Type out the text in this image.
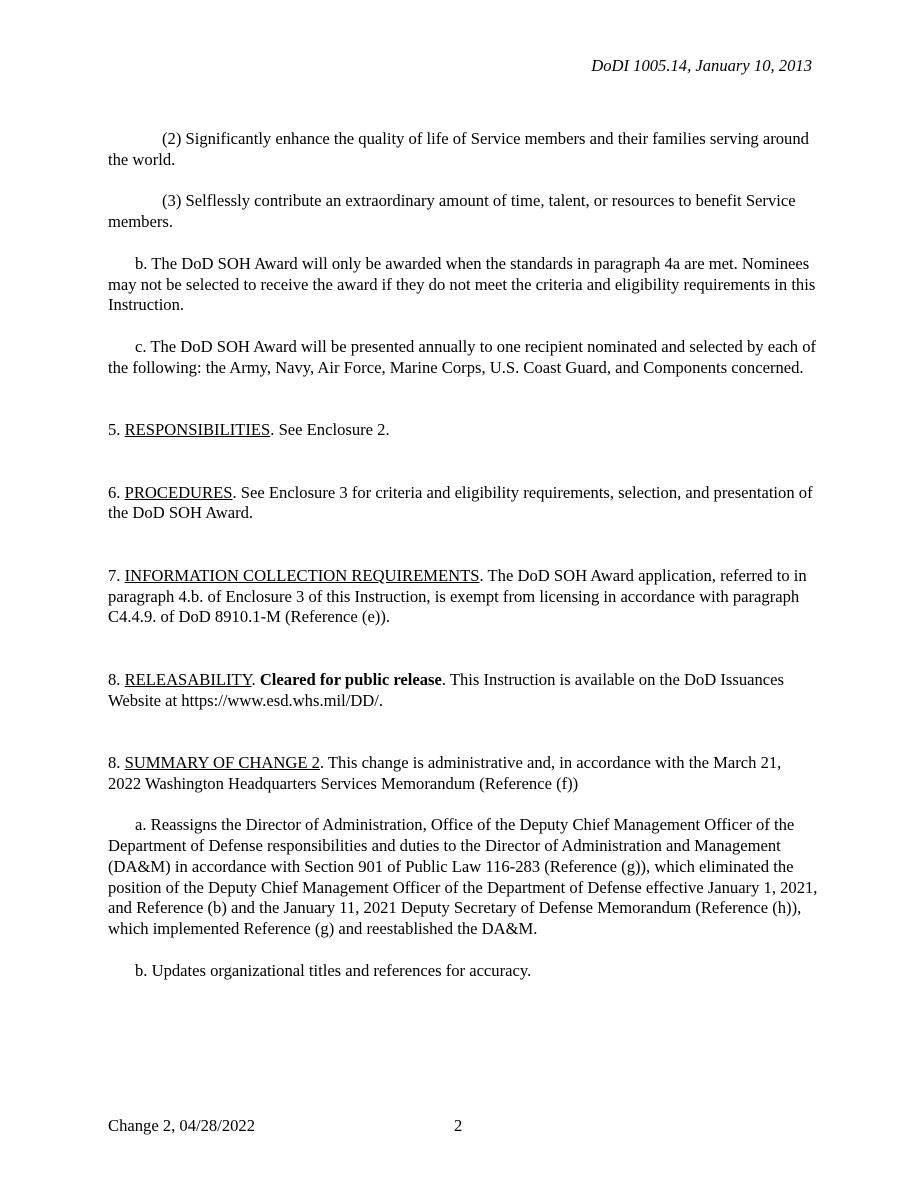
DoDI 1005.14, January 10, 2013

(2) Significantly enhance the quality of life of Service members and their families serving around the world.

(3) Selflessly contribute an extraordinary amount of time, talent, or resources to benefit Service members.

b. The DoD SOH Award will only be awarded when the standards in paragraph 4a are met. Nominees may not be selected to receive the award if they do not meet the criteria and eligibility requirements in this Instruction.

c. The DoD SOH Award will be presented annually to one recipient nominated and selected by each of the following: the Army, Navy, Air Force, Marine Corps, U.S. Coast Guard, and Components concerned.

5. RESPONSIBILITIES. See Enclosure 2.

6. PROCEDURES. See Enclosure 3 for criteria and eligibility requirements, selection, and presentation of the DoD SOH Award.

7. INFORMATION COLLECTION REQUIREMENTS. The DoD SOH Award application, referred to in paragraph 4.b. of Enclosure 3 of this Instruction, is exempt from licensing in accordance with paragraph C4.4.9. of DoD 8910.1-M (Reference (e)).

8. RELEASABILITY. Cleared for public release. This Instruction is available on the DoD Issuances Website at https://www.esd.whs.mil/DD/.

8. SUMMARY OF CHANGE 2. This change is administrative and, in accordance with the March 21, 2022 Washington Headquarters Services Memorandum (Reference (f))

a. Reassigns the Director of Administration, Office of the Deputy Chief Management Officer of the Department of Defense responsibilities and duties to the Director of Administration and Management (DA&M) in accordance with Section 901 of Public Law 116-283 (Reference (g)), which eliminated the position of the Deputy Chief Management Officer of the Department of Defense effective January 1, 2021, and Reference (b) and the January 11, 2021 Deputy Secretary of Defense Memorandum (Reference (h)), which implemented Reference (g) and reestablished the DA&M.

b. Updates organizational titles and references for accuracy.

Change 2, 04/28/2022	2
